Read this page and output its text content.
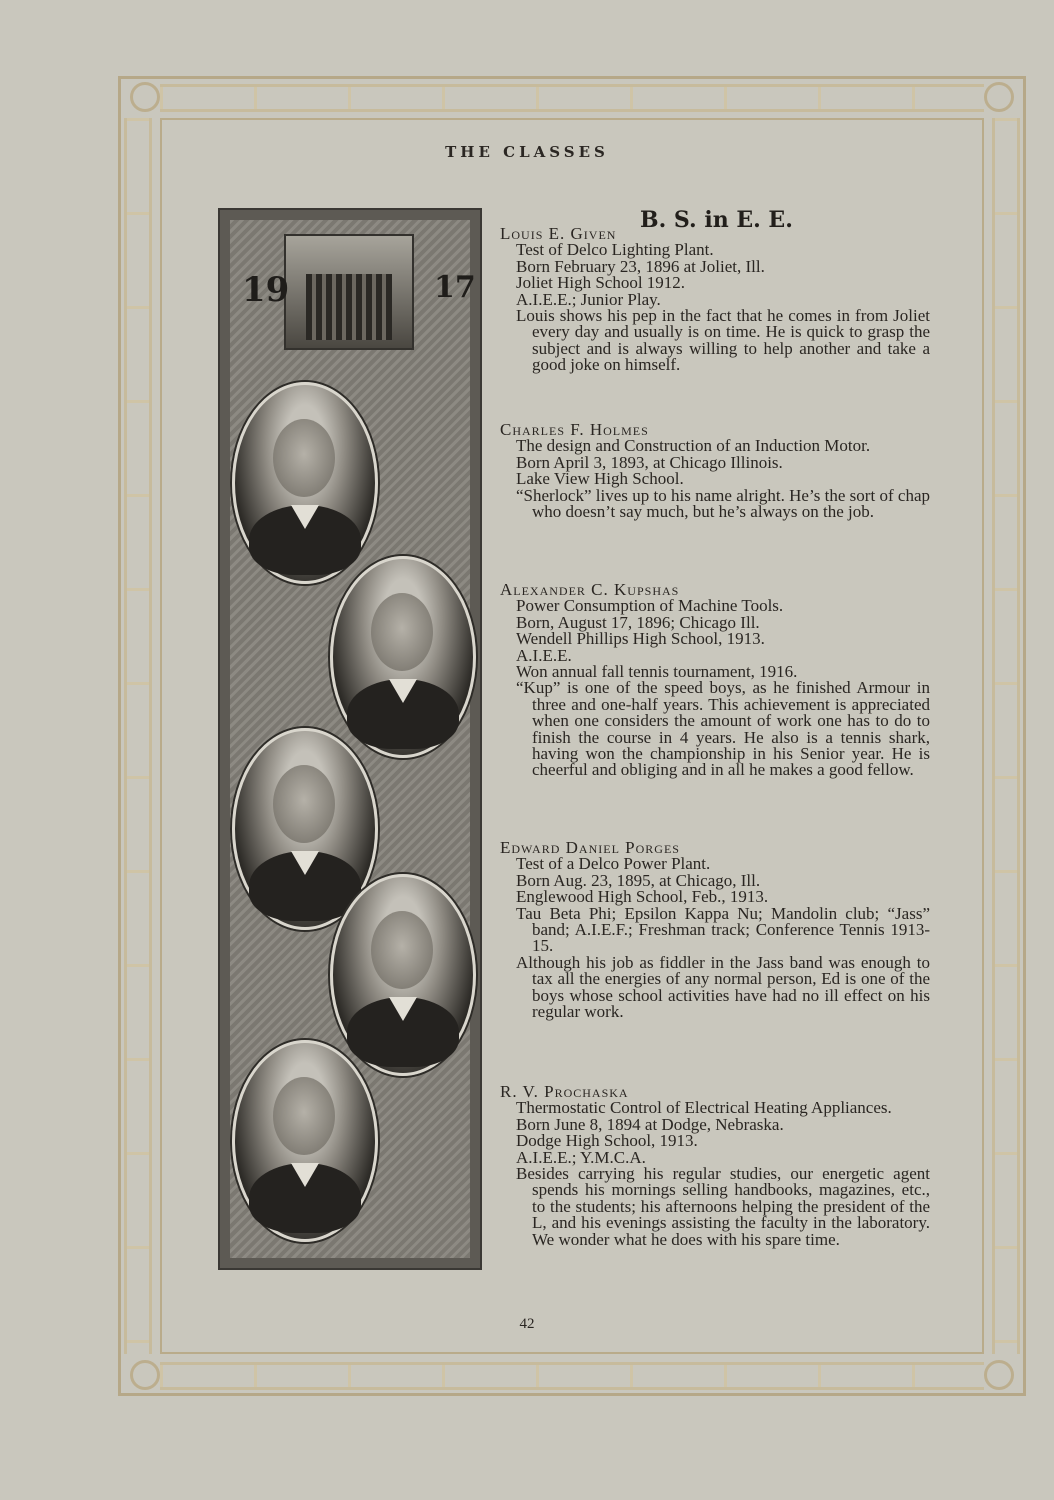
THE CLASSES
B. S. in E. E.
19	17

Louis E. Given

Test of Delco Lighting Plant.

Born February 23, 1896 at Joliet, Ill.

Joliet High School 1912.

A.I.E.E.; Junior Play.

Louis shows his pep in the fact that he comes in from Joliet every day and usually is on time. He is quick to grasp the subject and is always willing to help another and take a good joke on himself.

Charles F. Holmes

The design and Construction of an Induction Motor.

Born April 3, 1893, at Chicago Illinois.

Lake View High School.

“Sherlock” lives up to his name alright. He’s the sort of chap who doesn’t say much, but he’s always on the job.

Alexander C. Kupshas

Power Consumption of Machine Tools.

Born, August 17, 1896; Chicago Ill.

Wendell Phillips High School, 1913.

A.I.E.E.

Won annual fall tennis tournament, 1916.

“Kup” is one of the speed boys, as he finished Armour in three and one-half years. This achievement is appreciated when one considers the amount of work one has to do to finish the course in 4 years. He also is a tennis shark, having won the championship in his Senior year. He is cheerful and obliging and in all he makes a good fellow.

Edward Daniel Porges

Test of a Delco Power Plant.

Born Aug. 23, 1895, at Chicago, Ill.

Englewood High School, Feb., 1913.

Tau Beta Phi; Epsilon Kappa Nu; Mandolin club; “Jass” band; A.I.E.F.; Freshman track; Conference Tennis 1913-15.

Although his job as fiddler in the Jass band was enough to tax all the energies of any normal person, Ed is one of the boys whose school activities have had no ill effect on his regular work.

R. V. Prochaska

Thermostatic Control of Electrical Heating Appliances.

Born June 8, 1894 at Dodge, Nebraska.

Dodge High School, 1913.

A.I.E.E.; Y.M.C.A.

Besides carrying his regular studies, our energetic agent spends his mornings selling handbooks, magazines, etc., to the students; his afternoons helping the president of the L, and his evenings assisting the faculty in the laboratory. We wonder what he does with his spare time.

42
